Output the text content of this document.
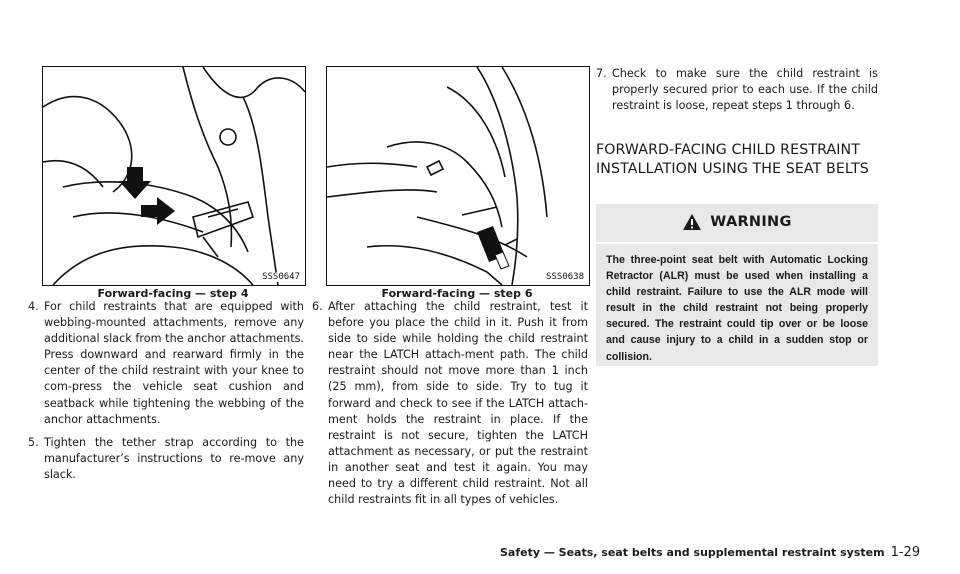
SSS0647
Forward-facing — step 4
SSS0638
Forward-facing — step 6

4. For child restraints that are equipped with webbing-mounted attachments, remove any additional slack from the anchor attachments. Press downward and rearward firmly in the center of the child restraint with your knee to com-press the vehicle seat cushion and seatback while tightening the webbing of the anchor attachments.

5. Tighten the tether strap according to the manufacturer’s instructions to re-move any slack.

6. After attaching the child restraint, test it before you place the child in it. Push it from side to side while holding the child restraint near the LATCH attach-ment path. The child restraint should not move more than 1 inch (25 mm), from side to side. Try to tug it forward and check to see if the LATCH attach-ment holds the restraint in place. If the restraint is not secure, tighten the LATCH attachment as necessary, or put the restraint in another seat and test it again. You may need to try a different child restraint. Not all child restraints fit in all types of vehicles.

7. Check to make sure the child restraint is properly secured prior to each use. If the child restraint is loose, repeat steps 1 through 6.

FORWARD-FACING CHILD RESTRAINT INSTALLATION USING THE SEAT BELTS
WARNING
The three-point seat belt with Automatic Locking Retractor (ALR) must be used when installing a child restraint. Failure to use the ALR mode will result in the child restraint not being properly secured. The restraint could tip over or be loose and cause injury to a child in a sudden stop or collision.
Safety — Seats, seat belts and supplemental restraint system 1-29
